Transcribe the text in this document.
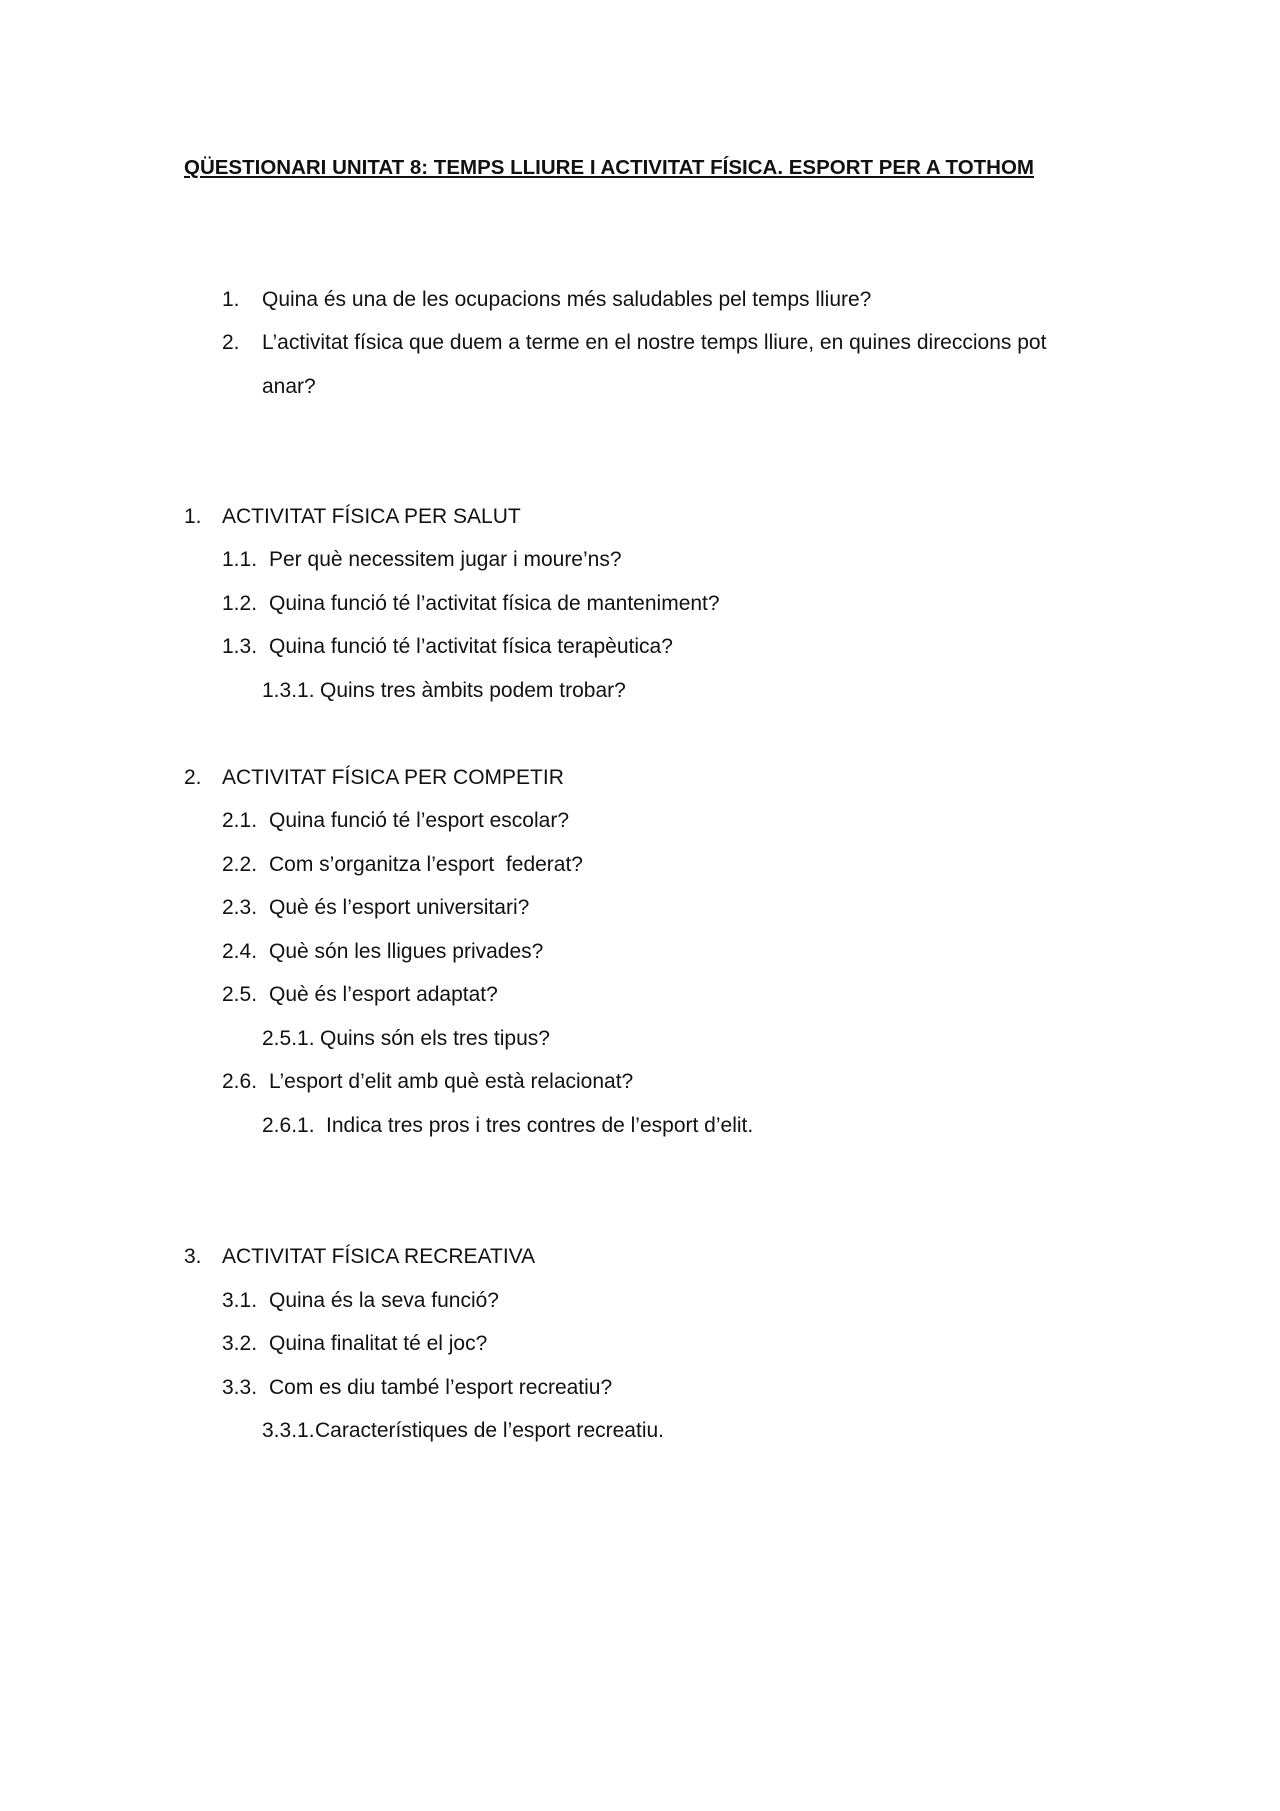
QÜESTIONARI UNITAT 8: TEMPS LLIURE I ACTIVITAT FÍSICA. ESPORT PER A TOTHOM
1. Quina és una de les ocupacions més saludables pel temps lliure?
2. L’activitat física que duem a terme en el nostre temps lliure, en quines direccions pot
anar?
1. ACTIVITAT FÍSICA PER SALUT
1.1. Per què necessitem jugar i moure’ns?
1.2. Quina funció té l’activitat física de manteniment?
1.3. Quina funció té l’activitat física terapèutica?
1.3.1. Quins tres àmbits podem trobar?
2. ACTIVITAT FÍSICA PER COMPETIR
2.1. Quina funció té l’esport escolar?
2.2. Com s’organitza l’esport  federat?
2.3. Què és l’esport universitari?
2.4. Què són les lligues privades?
2.5. Què és l’esport adaptat?
2.5.1. Quins són els tres tipus?
2.6. L’esport d’elit amb què està relacionat?
2.6.1. Indica tres pros i tres contres de l’esport d’elit.
3. ACTIVITAT FÍSICA RECREATIVA
3.1. Quina és la seva funció?
3.2. Quina finalitat té el joc?
3.3. Com es diu també l’esport recreatiu?
3.3.1. Característiques de l’esport recreatiu.
